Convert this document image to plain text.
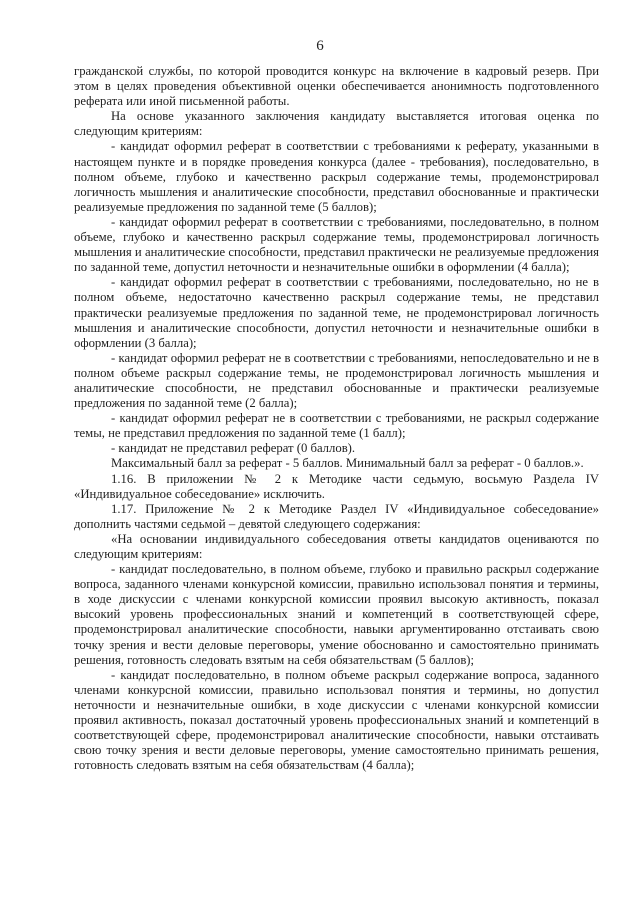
6

гражданской службы, по которой проводится конкурс на включение в кадровый резерв. При этом в целях проведения объективной оценки обеспечивается анонимность подготовленного реферата или иной письменной работы.

На основе указанного заключения кандидату выставляется итоговая оценка по следующим критериям:

- кандидат оформил реферат в соответствии с требованиями к реферату, указанными в настоящем пункте и в порядке проведения конкурса (далее - требования), последовательно, в полном объеме, глубоко и качественно раскрыл содержание темы, продемонстрировал логичность мышления и аналитические способности, представил обоснованные и практически реализуемые предложения по заданной теме (5 баллов);

- кандидат оформил реферат в соответствии с требованиями, последовательно, в полном объеме, глубоко и качественно раскрыл содержание темы, продемонстрировал логичность мышления и аналитические способности, представил практически не реализуемые предложения по заданной теме, допустил неточности и незначительные ошибки в оформлении (4 балла);

- кандидат оформил реферат в соответствии с требованиями, последовательно, но не в полном объеме, недостаточно качественно раскрыл содержание темы, не представил практически реализуемые предложения по заданной теме, не продемонстрировал логичность мышления и аналитические способности, допустил неточности и незначительные ошибки в оформлении (3 балла);

- кандидат оформил реферат не в соответствии с требованиями, непоследовательно и не в полном объеме раскрыл содержание темы, не продемонстрировал логичность мышления и аналитические способности, не представил обоснованные и практически реализуемые предложения по заданной теме (2 балла);

- кандидат оформил реферат не в соответствии с требованиями, не раскрыл содержание темы, не представил предложения по заданной теме (1 балл);

- кандидат не представил реферат (0 баллов).

Максимальный балл за реферат - 5 баллов. Минимальный балл за реферат - 0 баллов.».

1.16. В приложении № 2 к Методике части седьмую, восьмую Раздела IV «Индивидуальное собеседование» исключить.

1.17. Приложение № 2 к Методике Раздел IV «Индивидуальное собеседование» дополнить частями седьмой – девятой следующего содержания:

«На основании индивидуального собеседования ответы кандидатов оцениваются по следующим критериям:

- кандидат последовательно, в полном объеме, глубоко и правильно раскрыл содержание вопроса, заданного членами конкурсной комиссии, правильно использовал понятия и термины, в ходе дискуссии с членами конкурсной комиссии проявил высокую активность, показал высокий уровень профессиональных знаний и компетенций в соответствующей сфере, продемонстрировал аналитические способности, навыки аргументированно отстаивать свою точку зрения и вести деловые переговоры, умение обоснованно и самостоятельно принимать решения, готовность следовать взятым на себя обязательствам (5 баллов);

- кандидат последовательно, в полном объеме раскрыл содержание вопроса, заданного членами конкурсной комиссии, правильно использовал понятия и термины, но допустил неточности и незначительные ошибки, в ходе дискуссии с членами конкурсной комиссии проявил активность, показал достаточный уровень профессиональных знаний и компетенций в соответствующей сфере, продемонстрировал аналитические способности, навыки отстаивать свою точку зрения и вести деловые переговоры, умение самостоятельно принимать решения, готовность следовать взятым на себя обязательствам (4 балла);
